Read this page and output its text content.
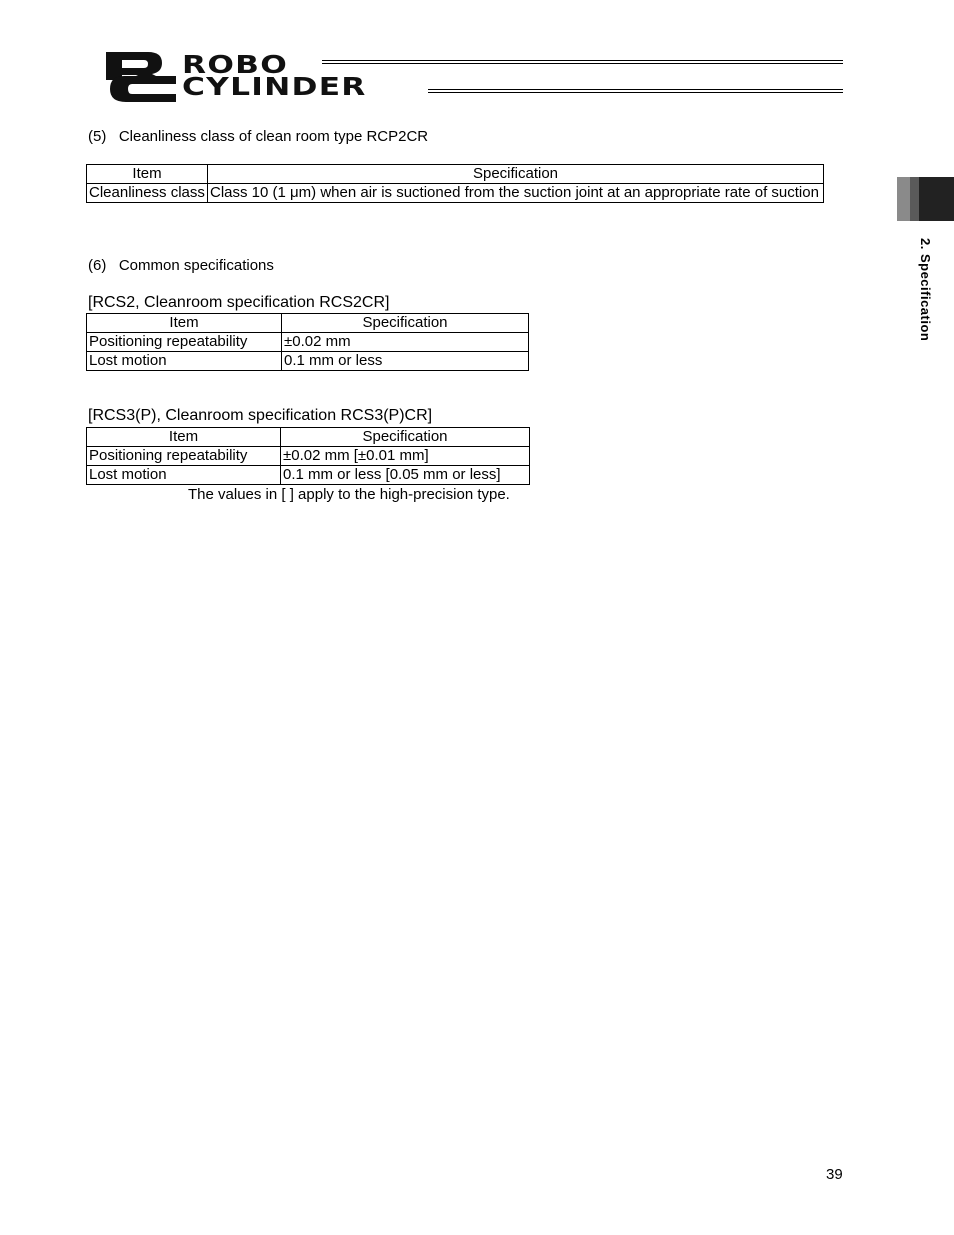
ROBO
CYLINDER
2. Specification
(5)   Cleanliness class of clean room type RCP2CR
Item	Specification
Cleanliness class	Class 10 (1 μm) when air is suctioned from the suction joint at an appropriate rate of suction
(6)   Common specifications
[RCS2, Cleanroom specification RCS2CR]
Item	Specification
Positioning repeatability	±0.02 mm
Lost motion	0.1 mm or less
[RCS3(P), Cleanroom specification RCS3(P)CR]
Item	Specification
Positioning repeatability	±0.02 mm [±0.01 mm]
Lost motion	0.1 mm or less [0.05 mm or less]
The values in [ ] apply to the high-precision type.
39
